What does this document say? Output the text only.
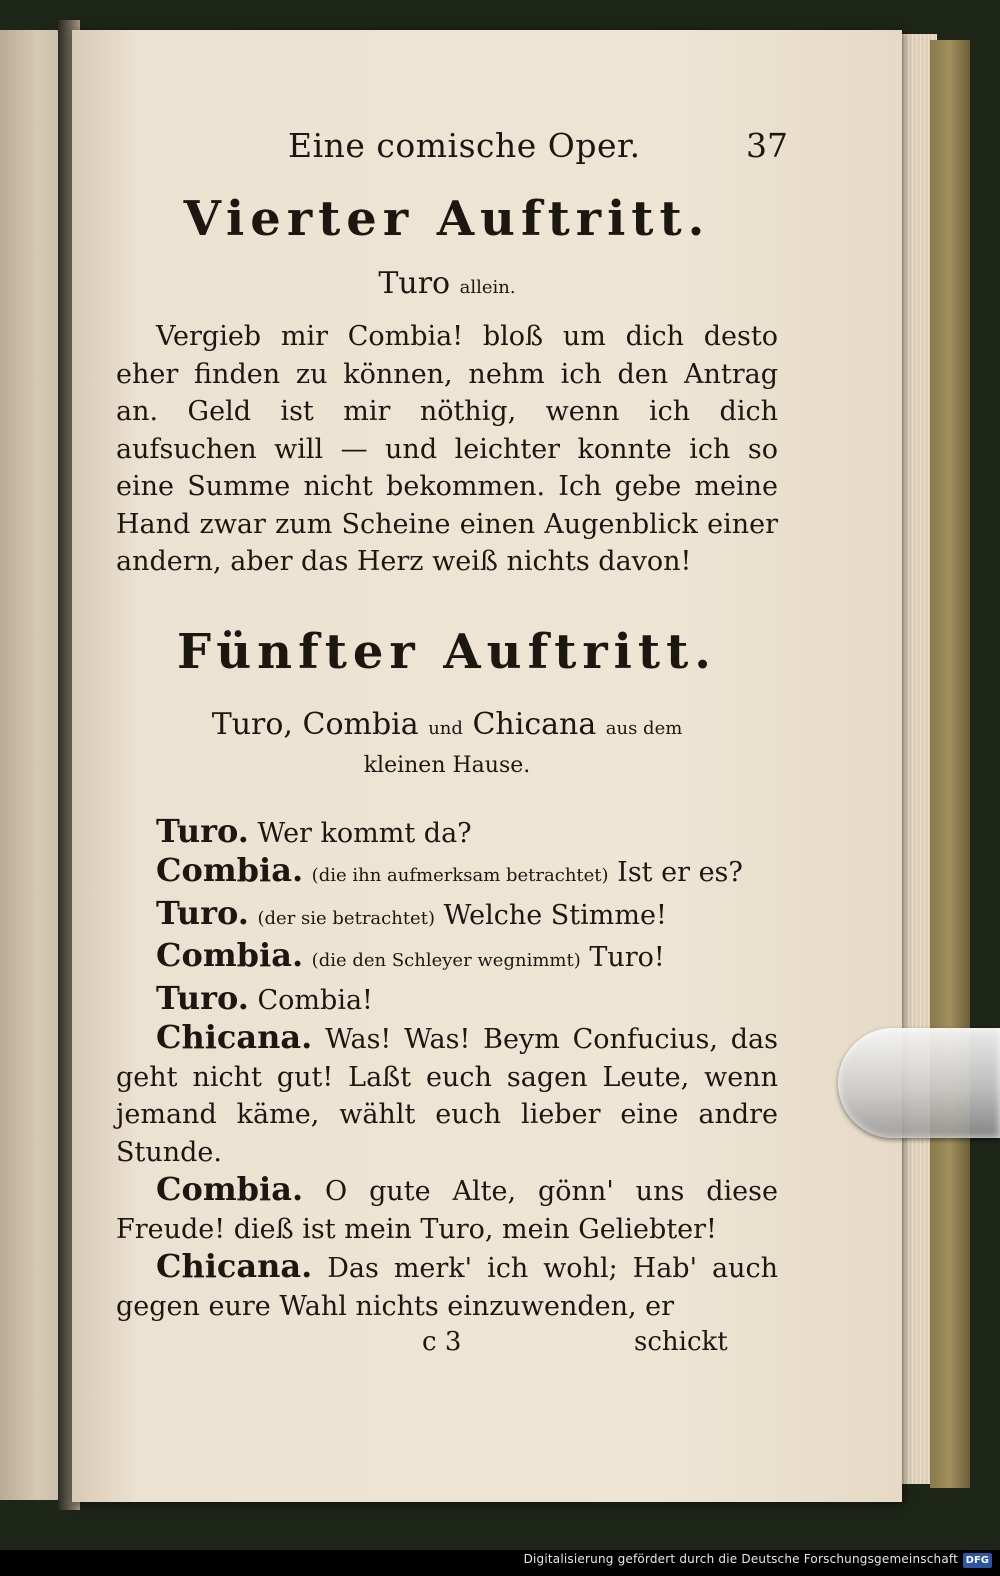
Eine comische Oper.	37
Vierter Auftritt.
Turo allein.

Vergieb mir Combia! bloß um dich desto eher finden zu können, nehm ich den Antrag an. Geld ist mir nöthig, wenn ich dich aufsuchen will — und leichter konnte ich so eine Summe nicht bekommen. Ich gebe meine Hand zwar zum Scheine einen Augenblick einer andern, aber das Herz weiß nichts davon!

Fünfter Auftritt.
Turo, Combia und Chicana aus dem
kleinen Hause.

Turo. Wer kommt da?

Combia. (die ihn aufmerksam betrachtet) Ist er es?

Turo. (der sie betrachtet) Welche Stimme!

Combia. (die den Schleyer wegnimmt) Turo!

Turo. Combia!

Chicana. Was! Was! Beym Confucius, das geht nicht gut! Laßt euch sagen Leute, wenn jemand käme, wählt euch lieber eine andre Stunde.

Combia. O gute Alte, gönn' uns diese Freude! dieß ist mein Turo, mein Geliebter!

Chicana. Das merk' ich wohl; Hab' auch gegen eure Wahl nichts einzuwenden, er

c 3	schickt
Digitalisierung gefördert durch die Deutsche Forschungsgemeinschaft DFG
